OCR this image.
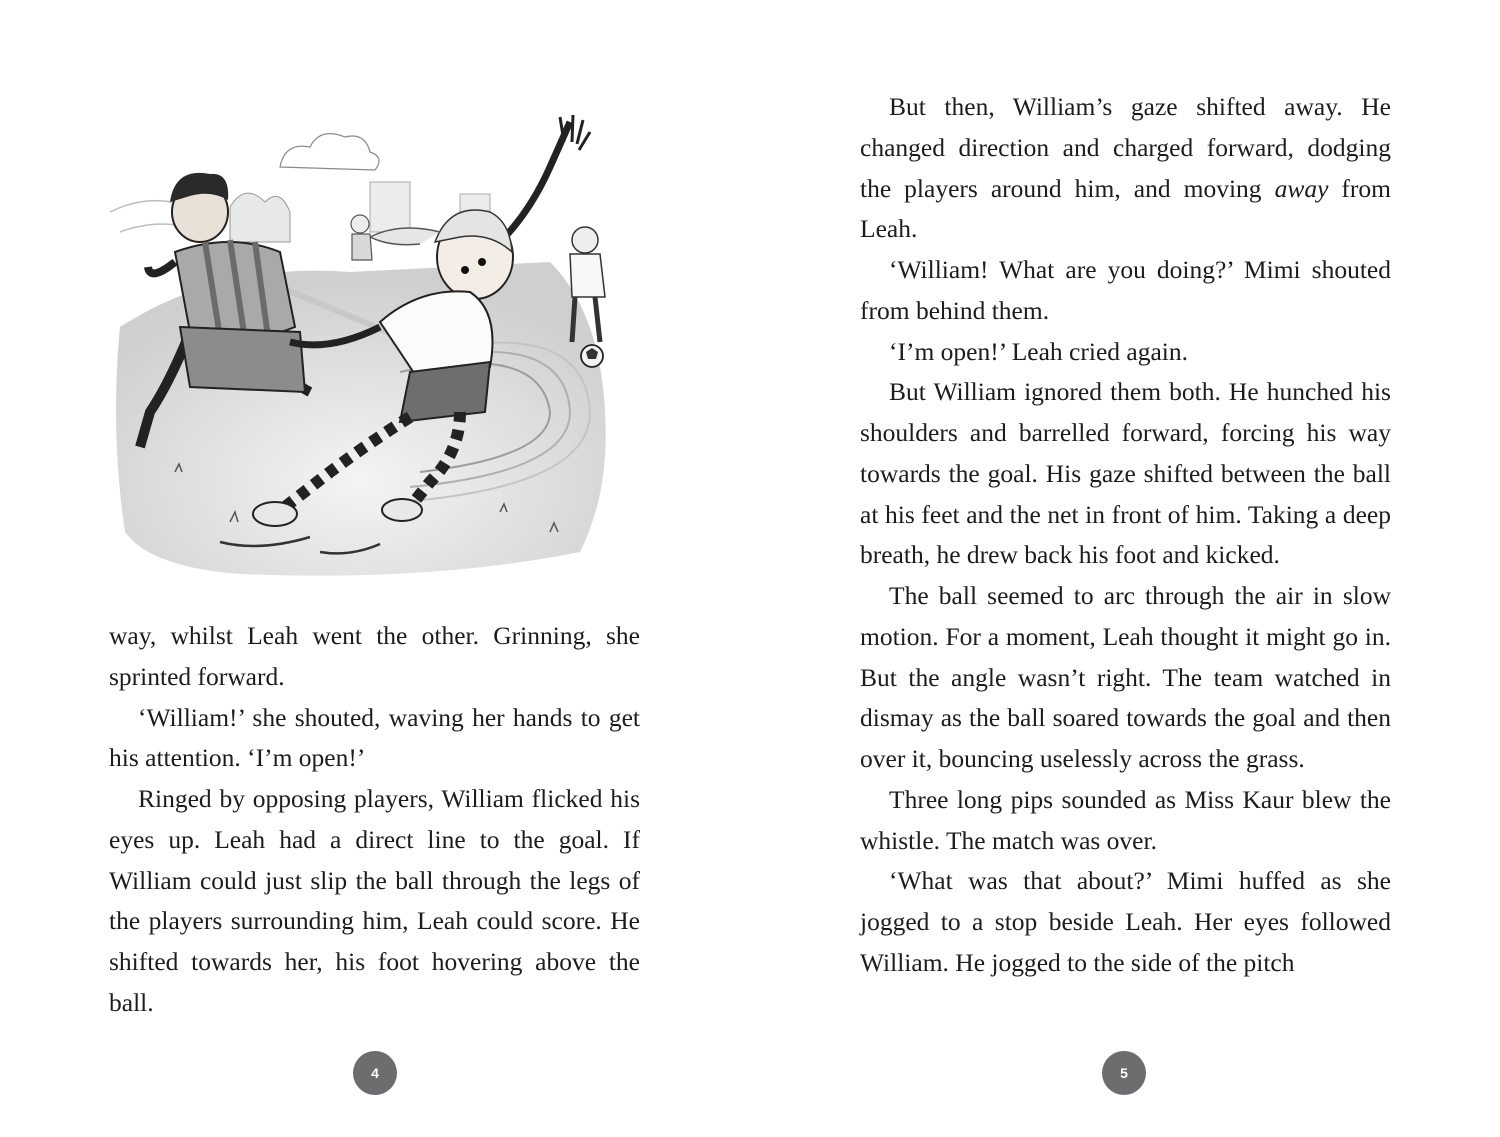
way, whilst Leah went the other. Grinning, she sprinted forward.

‘William!’ she shouted, waving her hands to get his attention. ‘I’m open!’

Ringed by opposing players, William flicked his eyes up. Leah had a direct line to the goal. If William could just slip the ball through the legs of the players surrounding him, Leah could score. He shifted towards her, his foot hovering above the ball.

4

But then, William’s gaze shifted away. He changed direction and charged forward, dodging the players around him, and moving away from Leah.

‘William! What are you doing?’ Mimi shouted from behind them.

‘I’m open!’ Leah cried again.

But William ignored them both. He hunched his shoulders and barrelled forward, forcing his way towards the goal. His gaze shifted between the ball at his feet and the net in front of him. Taking a deep breath, he drew back his foot and kicked.

The ball seemed to arc through the air in slow motion. For a moment, Leah thought it might go in. But the angle wasn’t right. The team watched in dismay as the ball soared towards the goal and then over it, bouncing uselessly across the grass.

Three long pips sounded as Miss Kaur blew the whistle. The match was over.

‘What was that about?’ Mimi huffed as she jogged to a stop beside Leah. Her eyes followed William. He jogged to the side of the pitch

5
